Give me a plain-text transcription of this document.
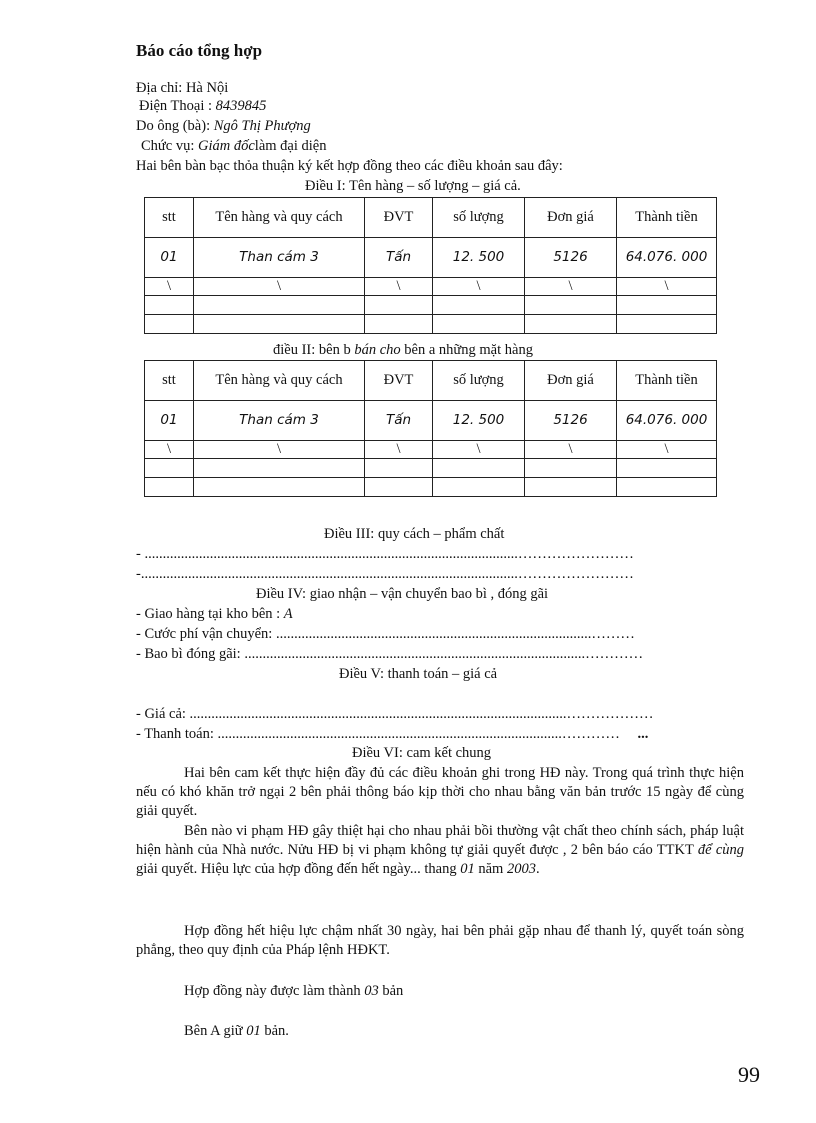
Báo cáo tổng hợp
Địa chỉ: Hà Nội
Điện Thoại : 8439845
Do ông (bà): Ngô Thị Phượng
Chức vụ: Giám đốclàm đại diện
Hai bên bàn bạc thỏa thuận ký kết hợp đồng theo các điều khoản sau đây:
Điều I: Tên hàng – số lượng – giá cả.
stt	Tên hàng và quy cách	ĐVT	số lượng	Đơn giá	Thành tiền
01	Than cám 3	Tấn	12. 500	5126	64.076. 000
\	\	\	\	\	\

điều II: bên b bán cho bên a những mặt hàng
stt	Tên hàng và quy cách	ĐVT	số lượng	Đơn giá	Thành tiền
01	Than cám 3	Tấn	12. 500	5126	64.076. 000
\	\	\	\	\	\

Điều III: quy cách – phẩm chất
- .......................................................................................................……………………
-........................................................................................................……………………
Điều IV: giao nhận – vận chuyển bao bì , đóng gãi
- Giao hàng tại kho bên : A
- Cước phí vận chuyển: .......................................................................................………
- Bao bì đóng gãi: ..............................................................................................…………
Điều V: thanh toán – giá cả
- Giá cả: ........................................................................................................………………
- Thanh toán: ...............................................................................................………… ...
Điều VI: cam kết chung
Hai bên cam kết thực hiện đầy đủ các điều khoản ghi trong HĐ này. Trong quá trình thực hiện nếu có khó khăn trở ngại 2 bên phải thông báo kịp thời cho nhau bằng văn bản trước 15 ngày để cùng giải quyết.
Bên nào vi phạm HĐ gây thiệt hại cho nhau phải bồi thường vật chất theo chính sách, pháp luật hiện hành của Nhà nước. Nửu HĐ bị vi phạm không tự giải quyết được , 2 bên báo cáo TTKT để cùng giải quyết. Hiệu lực của hợp đồng đến hết ngày... thang 01 năm 2003.
Hợp đồng hết hiệu lực chậm nhất 30 ngày, hai bên phải gặp nhau để thanh lý, quyết toán sòng phẳng, theo quy định của Pháp lệnh HĐKT.
Hợp đồng này được làm thành 03 bản
Bên A giữ 01 bản.
99
